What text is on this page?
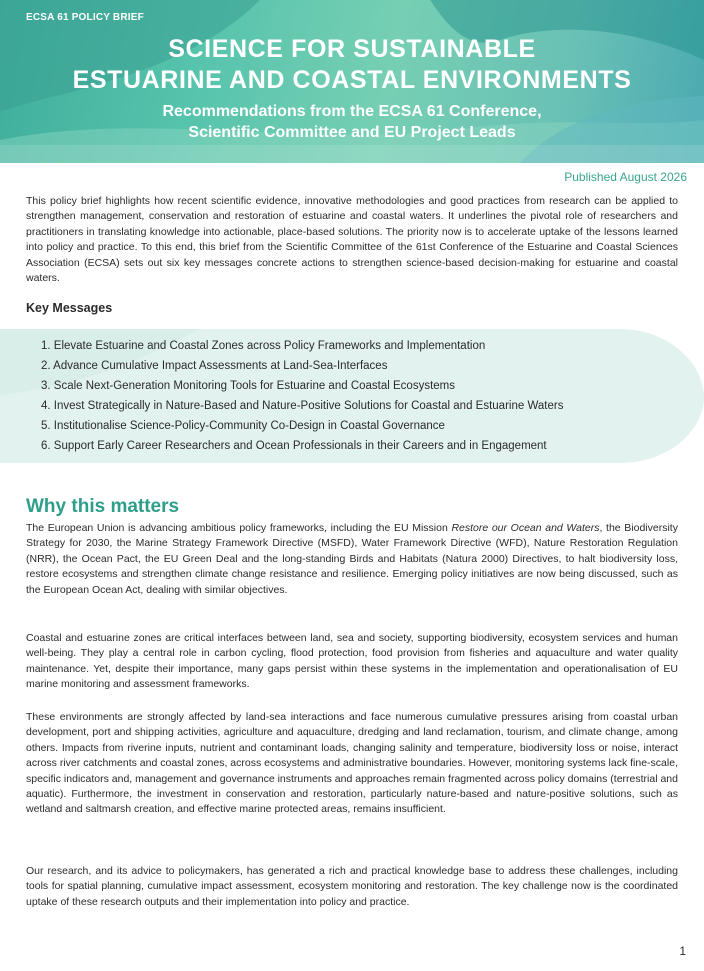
ECSA 61 POLICY BRIEF
SCIENCE FOR SUSTAINABLE
ESTUARINE AND COASTAL ENVIRONMENTS
Recommendations from the ECSA 61 Conference,
Scientific Committee and EU Project Leads
Published August 2026

This policy brief highlights how recent scientific evidence, innovative methodologies and good practices from research can be applied to strengthen management, conservation and restoration of estuarine and coastal waters. It underlines the pivotal role of researchers and practitioners in translating knowledge into actionable, place-based solutions. The priority now is to accelerate uptake of the lessons learned into policy and practice. To this end, this brief from the Scientific Committee of the 61st Conference of the Estuarine and Coastal Sciences Association (ECSA) sets out six key messages concrete actions to strengthen science-based decision-making for estuarine and coastal waters.

Key Messages
1. Elevate Estuarine and Coastal Zones across Policy Frameworks and Implementation
2. Advance Cumulative Impact Assessments at Land-Sea-Interfaces
3. Scale Next-Generation Monitoring Tools for Estuarine and Coastal Ecosystems
4. Invest Strategically in Nature-Based and Nature-Positive Solutions for Coastal and Estuarine Waters
5. Institutionalise Science-Policy-Community Co-Design in Coastal Governance
6. Support Early Career Researchers and Ocean Professionals in their Careers and in Engagement
Why this matters

The European Union is advancing ambitious policy frameworks, including the EU Mission Restore our Ocean and Waters, the Biodiversity Strategy for 2030, the Marine Strategy Framework Directive (MSFD), Water Framework Directive (WFD), Nature Restoration Regulation (NRR), the Ocean Pact, the EU Green Deal and the long-standing Birds and Habitats (Natura 2000) Directives, to halt biodiversity loss, restore ecosystems and strengthen climate change resistance and resilience. Emerging policy initiatives are now being discussed, such as the European Ocean Act, dealing with similar objectives.

Coastal and estuarine zones are critical interfaces between land, sea and society, supporting biodiversity, ecosystem services and human well-being. They play a central role in carbon cycling, flood protection, food provision from fisheries and aquaculture and water quality maintenance. Yet, despite their importance, many gaps persist within these systems in the implementation and operationalisation of EU marine monitoring and assessment frameworks.

These environments are strongly affected by land-sea interactions and face numerous cumulative pressures arising from coastal urban development, port and shipping activities, agriculture and aquaculture, dredging and land reclamation, tourism, and climate change, among others. Impacts from riverine inputs, nutrient and contaminant loads, changing salinity and temperature, biodiversity loss or noise, interact across river catchments and coastal zones, across ecosystems and administrative boundaries. However, monitoring systems lack fine-scale, specific indicators and, management and governance instruments and approaches remain fragmented across policy domains (terrestrial and aquatic). Furthermore, the investment in conservation and restoration, particularly nature-based and nature-positive solutions, such as wetland and saltmarsh creation, and effective marine protected areas, remains insufficient.

Our research, and its advice to policymakers, has generated a rich and practical knowledge base to address these challenges, including tools for spatial planning, cumulative impact assessment, ecosystem monitoring and restoration. The key challenge now is the coordinated uptake of these research outputs and their implementation into policy and practice.

1
